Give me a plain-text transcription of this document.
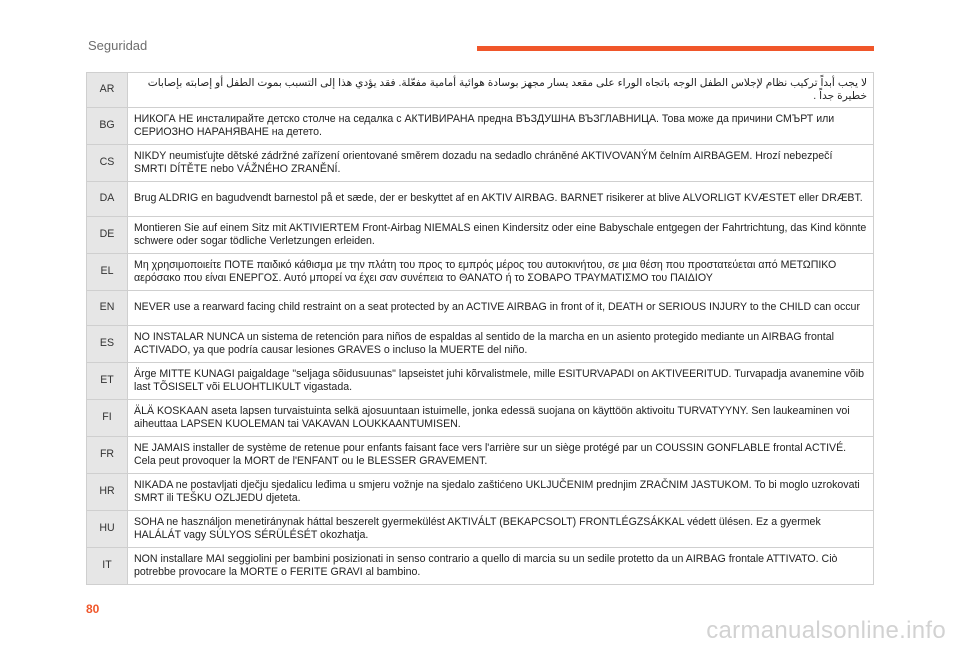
Seguridad
AR	لا يجب أبداً تركيب نظام لإجلاس الطفل الوجه باتجاه الوراء على مقعد يسار مجهز بوسادة هوائية أمامية مفعّلة. فقد يؤدي هذا إلى التسبب بموت الطفل أو إصابته بإصابات خطيرة جداً .
BG	НИКОГА НЕ инсталирайте детско столче на седалка с АКТИВИРАНА предна ВЪЗДУШНА ВЪЗГЛАВНИЦА. Това може да причини СМЪРТ или СЕРИОЗНО НАРАНЯВАНЕ на детето.
CS	NIKDY neumisťujte dětské zádržné zařízení orientované směrem dozadu na sedadlo chráněné AKTIVOVANÝM čelním AIRBAGEM. Hrozí nebezpečí SMRTI DÍTĚTE nebo VÁŽNÉHO ZRANĚNÍ.
DA	Brug ALDRIG en bagudvendt barnestol på et sæde, der er beskyttet af en AKTIV AIRBAG. BARNET risikerer at blive ALVORLIGT KVÆSTET eller DRÆBT.
DE	Montieren Sie auf einem Sitz mit AKTIVIERTEM Front-Airbag NIEMALS einen Kindersitz oder eine Babyschale entgegen der Fahrtrichtung, das Kind könnte schwere oder sogar tödliche Verletzungen erleiden.
EL	Μη χρησιμοποιείτε ΠΟΤΕ παιδικό κάθισμα με την πλάτη του προς το εμπρός μέρος του αυτοκινήτου, σε μια θέση που προστατεύεται από ΜΕΤΩΠΙΚΟ αερόσακο που είναι ΕΝΕΡΓΟΣ. Αυτό μπορεί να έχει σαν συνέπεια το ΘΑΝΑΤΟ ή το ΣΟΒΑΡΟ ΤΡΑΥΜΑΤΙΣΜΟ του ΠΑΙΔΙΟΥ
EN	NEVER use a rearward facing child restraint on a seat protected by an ACTIVE AIRBAG in front of it, DEATH or SERIOUS INJURY to the CHILD can occur
ES	NO INSTALAR NUNCA un sistema de retención para niños de espaldas al sentido de la marcha en un asiento protegido mediante un AIRBAG frontal ACTIVADO, ya que podría causar lesiones GRAVES o incluso la MUERTE del niño.
ET	Ärge MITTE KUNAGI paigaldage "seljaga sõidusuunas" lapseistet juhi kõrvalistmele, mille ESITURVAPADI on AKTIVEERITUD. Turvapadja avanemine võib last TÕSISELT või ELUOHTLIKULT vigastada.
FI	ÄLÄ KOSKAAN aseta lapsen turvaistuinta selkä ajosuuntaan istuimelle, jonka edessä suojana on käyttöön aktivoitu TURVATYYNY. Sen laukeaminen voi aiheuttaa LAPSEN KUOLEMAN tai VAKAVAN LOUKKAANTUMISEN.
FR	NE JAMAIS installer de système de retenue pour enfants faisant face vers l'arrière sur un siège protégé par un COUSSIN GONFLABLE frontal ACTIVÉ. Cela peut provoquer la MORT de l'ENFANT ou le BLESSER GRAVEMENT.
HR	NIKADA ne postavljati dječju sjedalicu leđima u smjeru vožnje na sjedalo zaštićeno UKLJUČENIM prednjim ZRAČNIM JASTUKOM. To bi moglo uzrokovati SMRT ili TEŠKU OZLJEDU djeteta.
HU	SOHA ne használjon menetiránynak háttal beszerelt gyermekülést AKTIVÁLT (BEKAPCSOLT) FRONTLÉGZSÁKKAL védett ülésen. Ez a gyermek HALÁLÁT vagy SÚLYOS SÉRÜLÉSÉT okozhatja.
IT	NON installare MAI seggiolini per bambini posizionati in senso contrario a quello di marcia su un sedile protetto da un AIRBAG frontale ATTIVATO. Ciò potrebbe provocare la MORTE o FERITE GRAVI al bambino.
80
carmanualsonline.info
